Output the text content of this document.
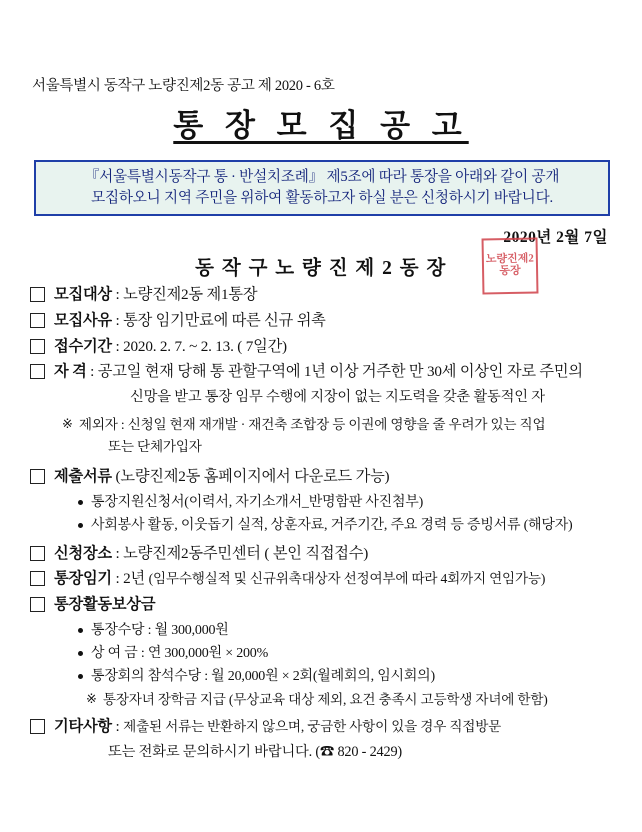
서울특별시 동작구 노량진제2동 공고 제 2020 - 6호
통 장 모 집 공 고
『서울특별시동작구 통 · 반설치조례』 제5조에 따라 통장을 아래와 같이 공개
모집하오니 지역 주민을 위하여 활동하고자 하실 분은 신청하시기 바랍니다.
2020년 2월 7일
동 작 구 노 량 진 제 2 동 장	노량진제2동장
모집대상 : 노량진제2동 제1통장
모집사유 : 통장 임기만료에 따른 신규 위촉
접수기간 : 2020. 2. 7. ~ 2. 13. ( 7일간)
자 격 : 공고일 현재 당해 통 관할구역에 1년 이상 거주한 만 30세 이상인 자로 주민의
신망을 받고 통장 임무 수행에 지장이 없는 지도력을 갖춘 활동적인 자
※ 제외자 : 신청일 현재 재개발 · 재건축 조합장 등 이권에 영향을 줄 우려가 있는 직업
또는 단체가입자
제출서류 (노량진제2동 홈페이지에서 다운로드 가능)
통장지원신청서(이력서, 자기소개서_반명함판 사진첨부)
사회봉사 활동, 이웃돕기 실적, 상훈자료, 거주기간, 주요 경력 등 증빙서류 (해당자)
신청장소 : 노량진제2동주민센터 ( 본인 직접접수)
통장임기 : 2년 (임무수행실적 및 신규위촉대상자 선정여부에 따라 4회까지 연임가능)
통장활동보상금
통장수당 : 월 300,000원
상 여 금 : 연 300,000원 × 200%
통장회의 참석수당 : 월 20,000원 × 2회(월례회의, 임시회의)
※ 통장자녀 장학금 지급 (무상교육 대상 제외, 요건 충족시 고등학생 자녀에 한함)
기타사항 : 제출된 서류는 반환하지 않으며, 궁금한 사항이 있을 경우 직접방문
또는 전화로 문의하시기 바랍니다. (☎ 820 - 2429)
